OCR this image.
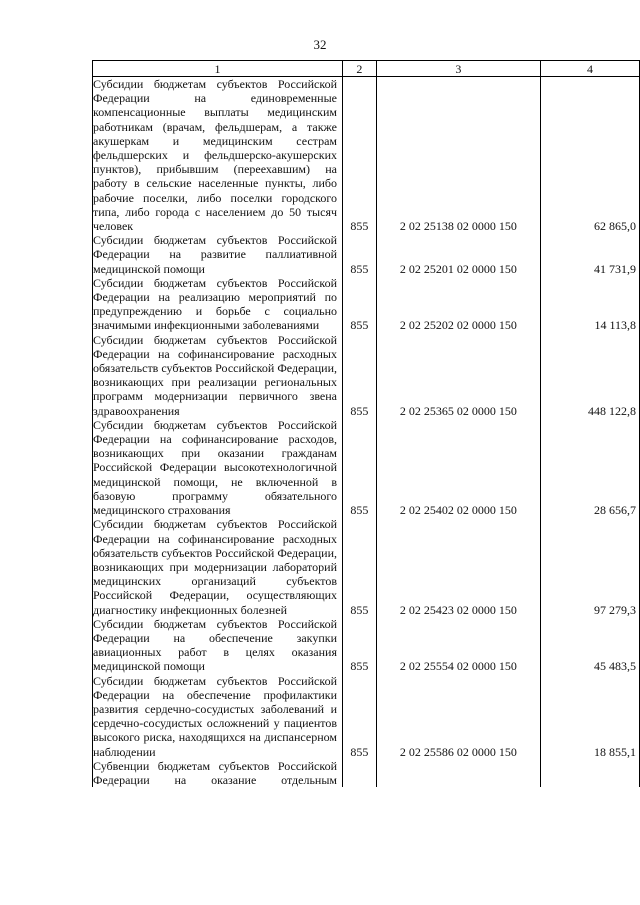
32
1	2	3	4

Субсидии бюджетам субъектов Российской Федерации на единовременные компенсационные выплаты медицинским работникам (врачам, фельдшерам, а также акушеркам и медицинским сестрам фельдшерских и фельдшерско-акушерских пунктов), прибывшим (переехавшим) на работу в сельские населенные пункты, либо рабочие поселки, либо поселки городского типа, либо города с населением до 50 тысяч человек	855	2 02 25138 02 0000 150	62 865,0

Субсидии бюджетам субъектов Российской Федерации на развитие паллиативной медицинской помощи	855	2 02 25201 02 0000 150	41 731,9

Субсидии бюджетам субъектов Российской Федерации на реализацию мероприятий по предупреждению и борьбе с социально значимыми инфекционными заболеваниями	855	2 02 25202 02 0000 150	14 113,8

Субсидии бюджетам субъектов Российской Федерации на софинансирование расходных обязательств субъектов Российской Федерации, возникающих при реализации региональных программ модернизации первичного звена здравоохранения	855	2 02 25365 02 0000 150	448 122,8

Субсидии бюджетам субъектов Российской Федерации на софинансирование расходов, возникающих при оказании гражданам Российской Федерации высокотехнологичной медицинской помощи, не включенной в базовую программу обязательного медицинского страхования	855	2 02 25402 02 0000 150	28 656,7

Субсидии бюджетам субъектов Российской Федерации на софинансирование расходных обязательств субъектов Российской Федерации, возникающих при модернизации лабораторий медицинских организаций субъектов Российской Федерации, осуществляющих диагностику инфекционных болезней	855	2 02 25423 02 0000 150	97 279,3

Субсидии бюджетам субъектов Российской Федерации на обеспечение закупки авиационных работ в целях оказания медицинской помощи	855	2 02 25554 02 0000 150	45 483,5

Субсидии бюджетам субъектов Российской Федерации на обеспечение профилактики развития сердечно-сосудистых заболеваний и сердечно-сосудистых осложнений у пациентов высокого риска, находящихся на диспансерном наблюдении	855	2 02 25586 02 0000 150	18 855,1

Субвенции бюджетам субъектов Российской Федерации на оказание отдельным			
